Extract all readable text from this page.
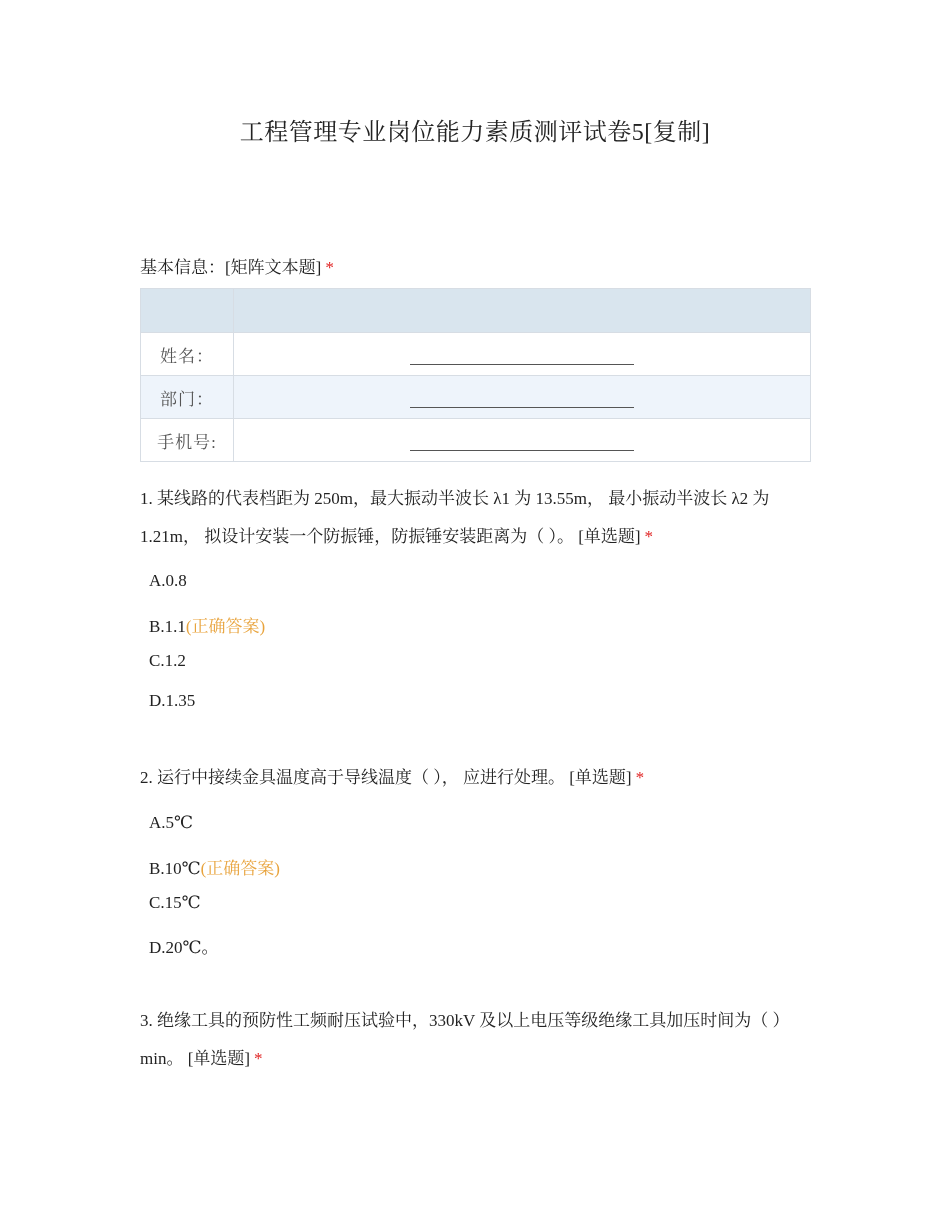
工程管理专业岗位能力素质测评试卷5[复制]
基本信息：[矩阵文本题] *

姓名：	
部门：	
手机号:	
1. 某线路的代表档距为 250m，最大振动半波长 λ1 为 13.55m， 最小振动半波长 λ2 为 1.21m， 拟设计安装一个防振锤，防振锤安装距离为（ ）。 [单选题] *
A.0.8
B.1.1(正确答案)
C.1.2
D.1.35
2. 运行中接续金具温度高于导线温度（ ）， 应进行处理。 [单选题] *
A.5℃
B.10℃(正确答案)
C.15℃
D.20℃。
3. 绝缘工具的预防性工频耐压试验中，330kV 及以上电压等级绝缘工具加压时间为（ ）min。 [单选题] *
